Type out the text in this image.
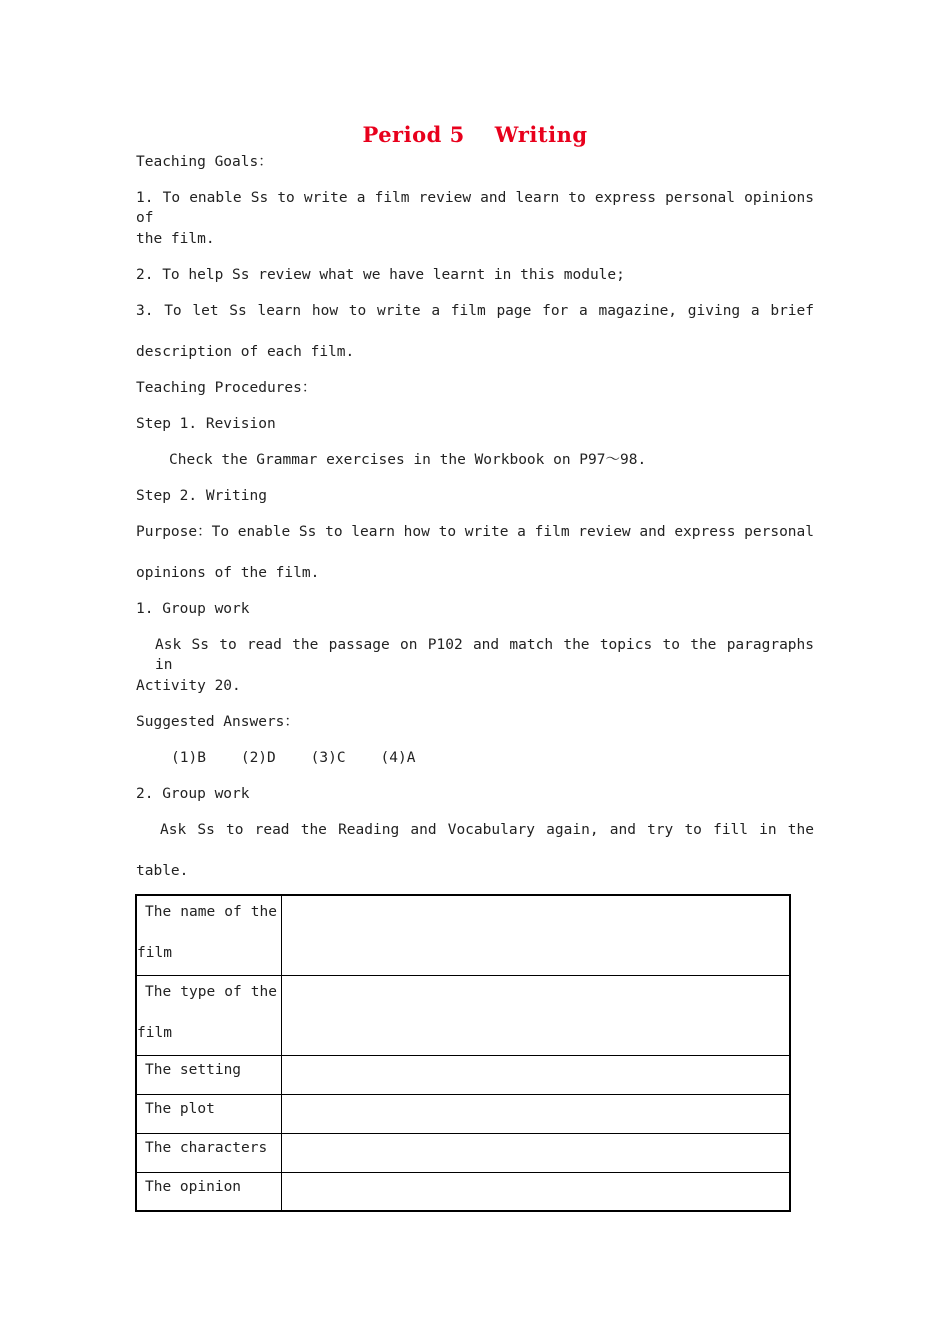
Period 5 Writing
Teaching Goals：
1. To enable Ss to write a film review and learn to express personal opinions of
the film.
2. To help Ss review what we have learnt in this module;
3. To let Ss learn how to write a film page for a magazine, giving a brief
description of each film.
Teaching Procedures：
Step 1. Revision
Check the Grammar exercises in the Workbook on P97～98.
Step 2. Writing
Purpose：To enable Ss to learn how to write a film review and express personal
opinions of the film.
1. Group work
Ask Ss to read the passage on P102 and match the topics to the paragraphs in
Activity 20.
Suggested Answers：
(1)B    (2)D    (3)C    (4)A
2. Group work
Ask Ss to read the Reading and Vocabulary again, and try to fill in the
table.
The name of the
film	

The type of the
film	

The setting	

The plot	

The characters	

The opinion	
